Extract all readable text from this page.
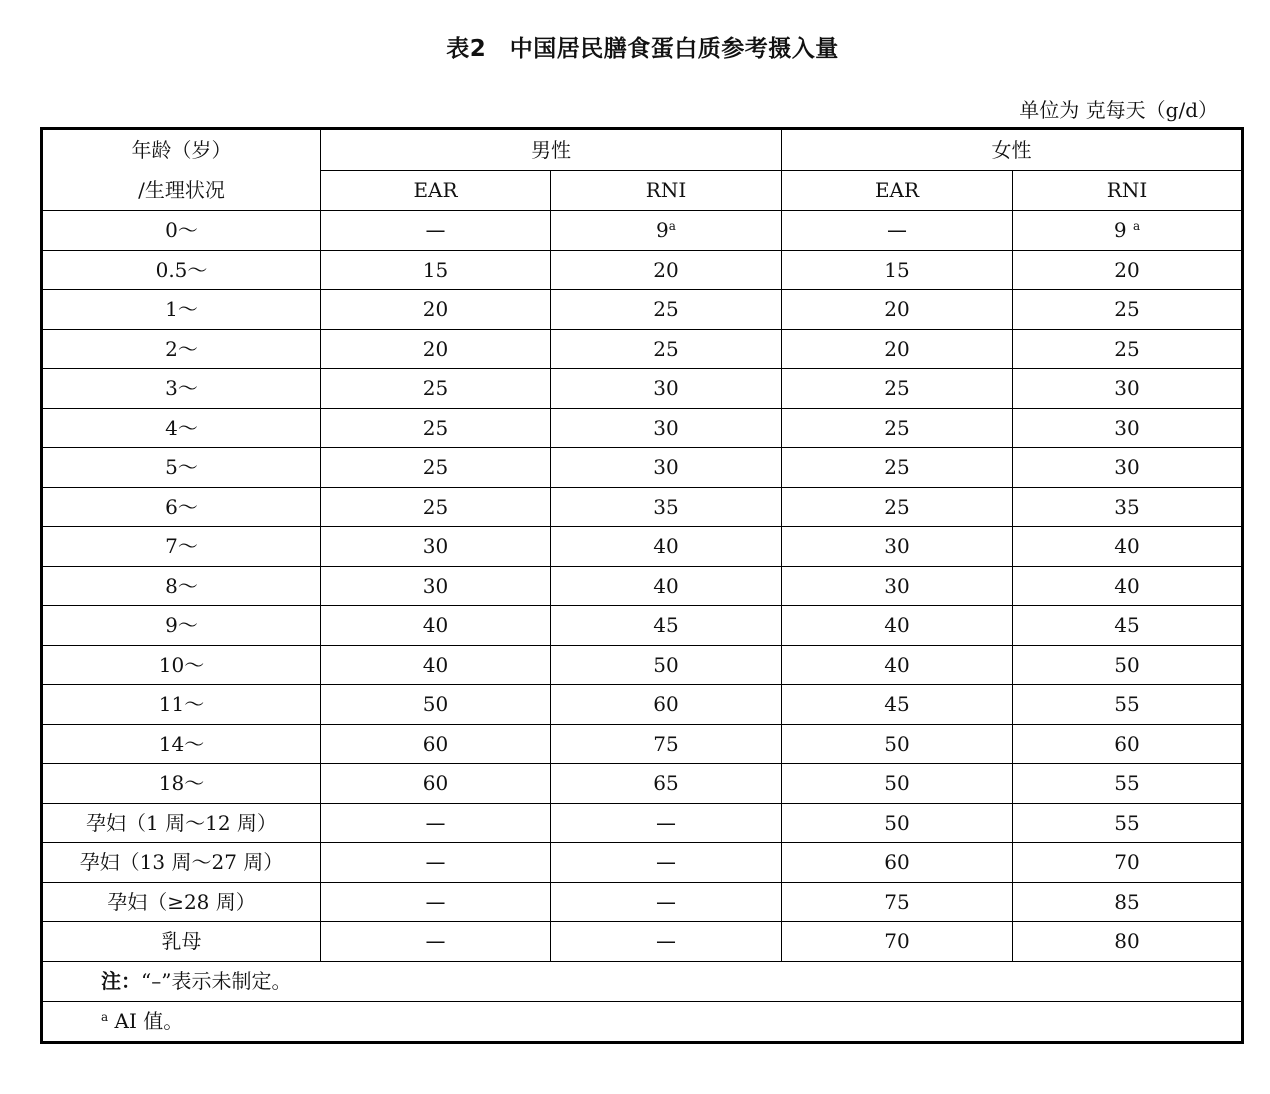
表2　中国居民膳食蛋白质参考摄入量
单位为 克每天（g/d）
年龄（岁）
/生理状况	男性		女性	
	EAR	RNI	EAR	RNI
0～	—	9$^a$	—	9 $^a$
0.5～	15	20	15	20
1～	20	25	20	25
2～	20	25	20	25
3～	25	30	25	30
4～	25	30	25	30
5～	25	30	25	30
6～	25	35	25	35
7～	30	40	30	40
8～	30	40	30	40
9～	40	45	40	45
10～	40	50	40	50
11～	50	60	45	55
14～	60	75	50	60
18～	60	65	50	55
孕妇（1 周～12 周）	—	—	50	55
孕妇（13 周～27 周）	—	—	60	70
孕妇（≥28 周）	—	—	75	85
乳母	—	—	70	80
注：“–”表示未制定。				
$^a$ AI 值。				
